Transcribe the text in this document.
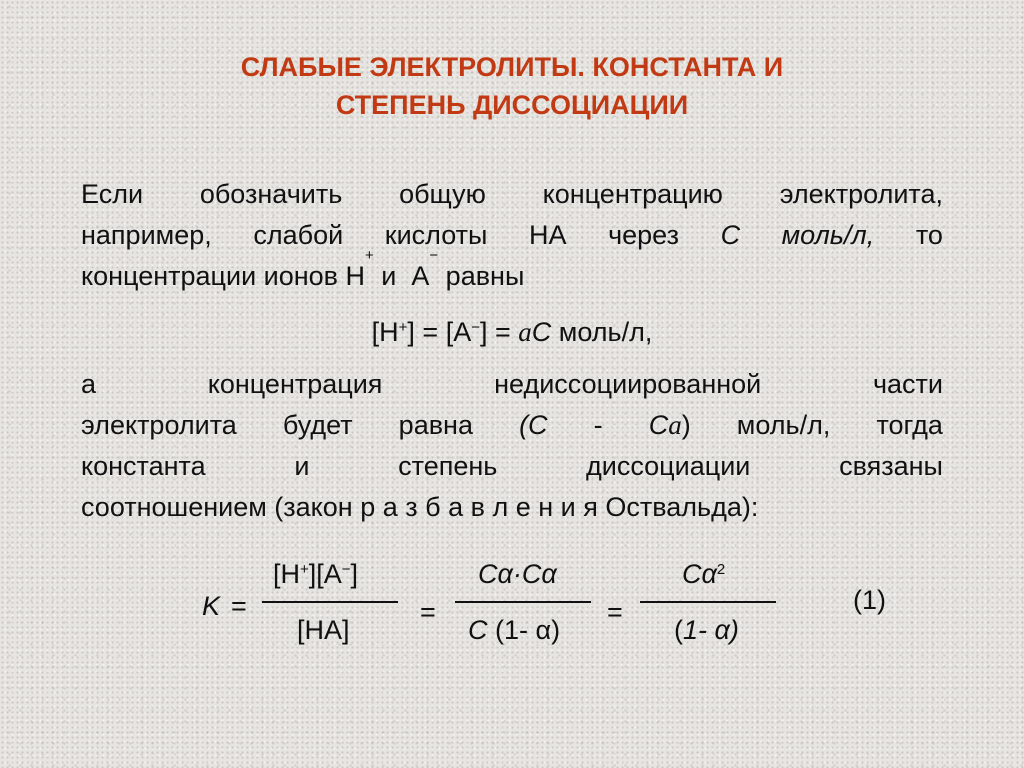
СЛАБЫЕ ЭЛЕКТРОЛИТЫ. КОНСТАНТА И
СТЕПЕНЬ ДИССОЦИАЦИИ
Если обозначить общую концентрацию электролита,
например, слабой кислоты HA через C моль/л, то
концентрации ионов H
+
и  A
−
равны
[H+] = [A−] = aC моль/л,
а	концентрация	недиссоциированной	части
электролита будет равна (C - Ca) моль/л, тогда
константа	и	степень	диссоциации	связаны
соотношением (закон р а з б а в л е н и я Оствальда):
K =
[H+][A−]
[HA]
=
Cα·Cα
C (1- α)
=
$C\alpha^2$
(1- α)
(1)
